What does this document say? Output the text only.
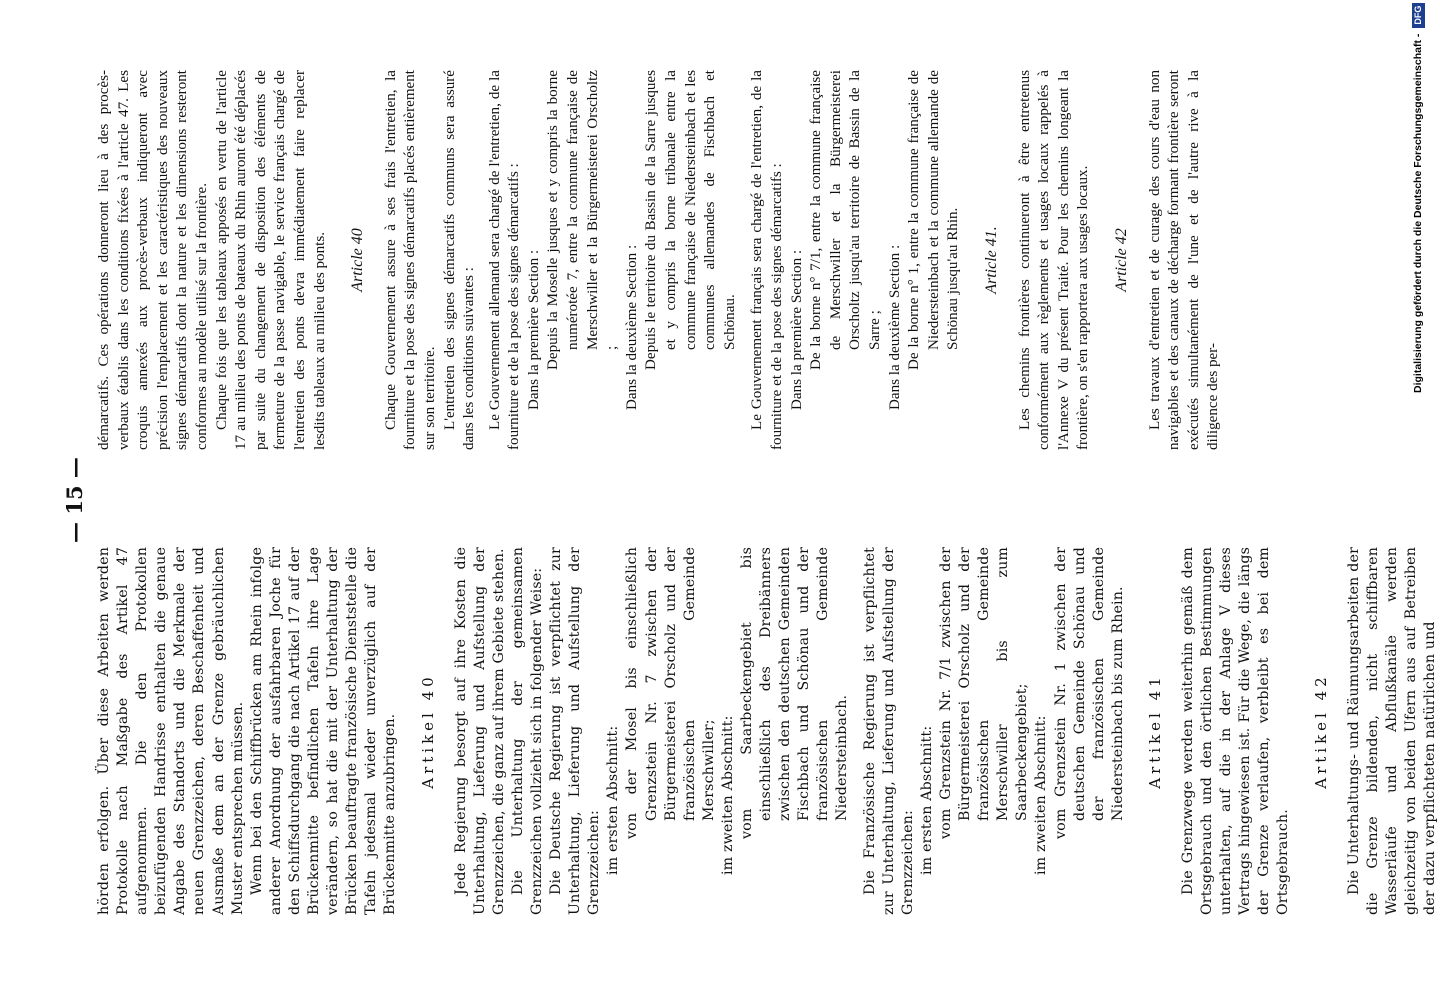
— 15 —

hörden erfolgen. Über diese Arbeiten werden Protokolle nach Maßgabe des Artikel 47 aufgenommen. Die den Protokollen beizufügenden Handrisse enthalten die genaue Angabe des Standorts und die Merkmale der neuen Grenzzeichen, deren Beschaffenheit und Ausmaße dem an der Grenze gebräuchlichen Muster entsprechen müssen. Wenn bei den Schiffbrücken am Rhein infolge anderer Anordnung der ausfahrbaren Joche für den Schiffsdurchgang die nach Artikel 17 auf der Brückenmitte befindlichen Tafeln ihre Lage verändern, so hat die mit der Unterhaltung der Brücken beauftragte französische Dienststelle die Tafeln jedesmal wieder unverzüglich auf der Brückenmitte anzubringen. Artikel 40 Jede Regierung besorgt auf ihre Kosten die Unterhaltung, Lieferung und Aufstellung der Grenzzeichen, die ganz auf ihrem Gebiete stehen. Die Unterhaltung der gemeinsamen Grenzzeichen vollzieht sich in folgender Weise: Die Deutsche Regierung ist verpflichtet zur Unterhaltung, Lieferung und Aufstellung der Grenzzeichen: im ersten Abschnitt: von der Mosel bis einschließlich Grenzstein Nr. 7 zwischen der Bürgermeisterei Orscholz und der französischen Gemeinde Merschwiller; im zweiten Abschnitt: vom Saarbeckengebiet bis einschließlich des Dreibänners zwischen den deutschen Gemeinden Fischbach und Schönau und der französischen Gemeinde Niedersteinbach. Die Französische Regierung ist verpflichtet zur Unterhaltung, Lieferung und Aufstellung der Grenzzeichen: im ersten Abschnitt: vom Grenzstein Nr. 7/1 zwischen der Bürgermeisterei Orscholz und der französischen Gemeinde Merschwiller bis zum Saarbeckengebiet; im zweiten Abschnitt: vom Grenzstein Nr. 1 zwischen der deutschen Gemeinde Schönau und der französischen Gemeinde Niedersteinbach bis zum Rhein. Artikel 41 Die Grenzwege werden weiterhin gemäß dem Ortsgebrauch und den örtlichen Bestimmungen unterhalten, auf die in der Anlage V dieses Vertrags hingewiesen ist. Für die Wege, die längs der Grenze verlaufen, verbleibt es bei dem Ortsgebrauch.

Artikel 42 Die Unterhaltungs- und Räumungsarbeiten der die Grenze bildenden, nicht schiffbaren Wasserläufe und Abflußkanäle werden gleichzeitig von beiden Ufern aus auf Betreiben der dazu verpflichteten natürlichen und

démarcatifs. Ces opérations donneront lieu à des procès-verbaux établis dans les conditions fixées à l'article 47. Les croquis annexés aux procès-verbaux indiqueront avec précision l'emplacement et les caractéristiques des nouveaux signes démarcatifs dont la nature et les dimensions resteront conformes au modèle utilisé sur la frontière. Chaque fois que les tableaux apposés en vertu de l'article 17 au milieu des ponts de bateaux du Rhin auront été déplacés par suite du changement de disposition des éléments de fermeture de la passe navigable, le service français chargé de l'entretien des ponts devra immédiatement faire replacer lesdits tableaux au milieu des ponts. Article 40 Chaque Gouvernement assure à ses frais l'entretien, la fourniture et la pose des signes démarcatifs placés entièrement sur son territoire. L'entretien des signes démarcatifs communs sera assuré dans les conditions suivantes : Le Gouvernement allemand sera chargé de l'entretien, de la fourniture et de la pose des signes démarcatifs : Dans la première Section : Depuis la Moselle jusques et y compris la borne numérotée 7, entre la commune française de Merschwiller et la Bürgermeisterei Orscholtz ; Dans la deuxième Section : Depuis le territoire du Bassin de la Sarre jusques et y compris la borne tribanale entre la commune française de Niedersteinbach et les communes allemandes de Fischbach et Schönau. Le Gouvernement français sera chargé de l'entretien, de la fourniture et de la pose des signes démarcatifs : Dans la première Section : De la borne n° 7/1, entre la commune française de Merschwiller et la Bürgermeisterei Orscholtz jusqu'au territoire de Bassin de la Sarre ; Dans la deuxième Section : De la borne n° 1, entre la commune française de Niedersteinbach et la commune allemande de Schönau jusqu'au Rhin. Article 41. Les chemins frontières continueront à être entretenus conformément aux règlements et usages locaux rappelés à l'Annexe V du présent Traité. Pour les chemins longeant la frontière, on s'en rapportera aux usages locaux. Article 42 Les travaux d'entretien et de curage des cours d'eau non navigables et des canaux de décharge formant frontière seront exécutés simultanément de l'une et de l'autre rive à la diligence des per-

Digitalisierung gefördert durch die Deutsche Forschungsgemeinschaft -DFG
